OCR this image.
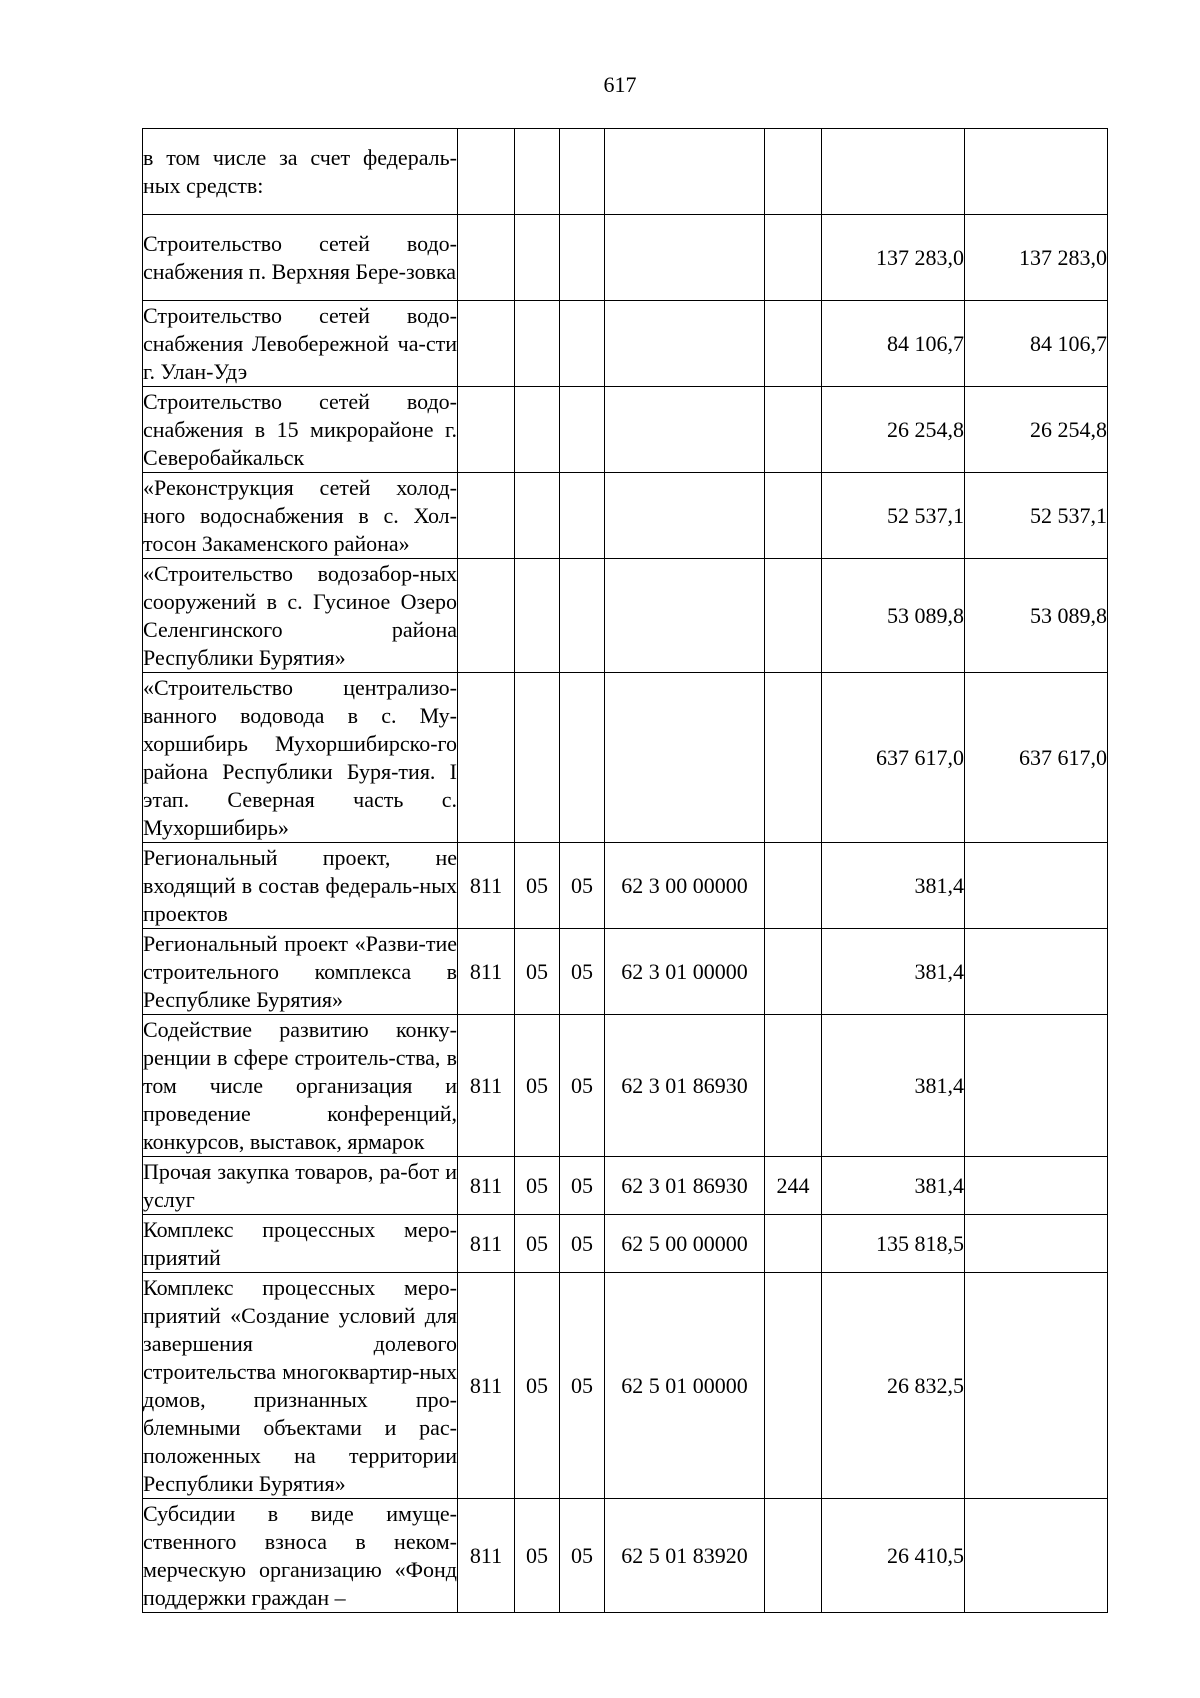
617
в том числе за счет федераль-ных средств:							

Строительство сетей водо-снабжения п. Верхняя Бере-зовка						137 283,0	137 283,0

Строительство сетей водо-снабжения Левобережной ча-сти г. Улан-Удэ						84 106,7	84 106,7

Строительство сетей водо-снабжения в 15 микрорайоне г. Северобайкальск						26 254,8	26 254,8

«Реконструкция сетей холод-ного водоснабжения в с. Хол-тосон Закаменского района»						52 537,1	52 537,1

«Строительство водозабор-ных сооружений в с. Гусиное Озеро Селенгинского района Республики Бурятия»						53 089,8	53 089,8

«Строительство централизо-ванного водовода в с. Му-хоршибирь Мухоршибирско-го района Республики Буря-тия. I этап. Северная часть с. Мухоршибирь»						637 617,0	637 617,0

Региональный проект, не входящий в состав федераль-ных проектов	811	05	05	62 3 00 00000		381,4	

Региональный проект «Разви-тие строительного комплекса в Республике Бурятия»	811	05	05	62 3 01 00000		381,4	

Содействие развитию конку-ренции в сфере строитель-ства, в том числе организация и проведение конференций, конкурсов, выставок, ярмарок	811	05	05	62 3 01 86930		381,4	

Прочая закупка товаров, ра-бот и услуг	811	05	05	62 3 01 86930	244	381,4	

Комплекс процессных меро-приятий	811	05	05	62 5 00 00000		135 818,5	

Комплекс процессных меро-приятий «Создание условий для завершения долевого строительства многоквартир-ных домов, признанных про-блемными объектами и рас-положенных на территории Республики Бурятия»	811	05	05	62 5 01 00000		26 832,5	

Субсидии в виде имуще-ственного взноса в неком-мерческую организацию «Фонд поддержки граждан –	811	05	05	62 5 01 83920		26 410,5	
